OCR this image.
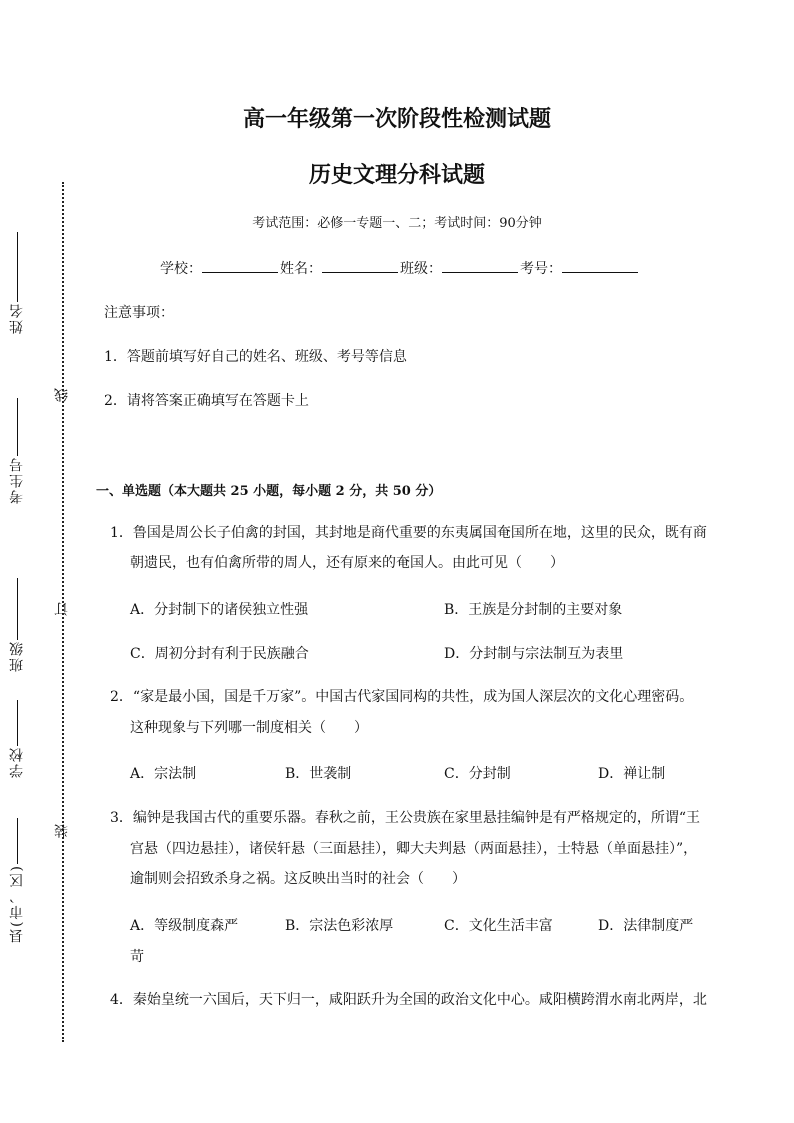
姓名
考生号
班级
学校
县(市、区)
线
订
装
高一年级第一次阶段性检测试题
历史文理分科试题
考试范围：必修一专题一、二；考试时间：90分钟
学校：	姓名：	班级：	考号：
注意事项：
1．答题前填写好自己的姓名、班级、考号等信息
2．请将答案正确填写在答题卡上
一、单选题（本大题共 25 小题，每小题 2 分，共 50 分）
1．鲁国是周公长子伯禽的封国，其封地是商代重要的东夷属国奄国所在地，这里的民众，既有商
朝遗民，也有伯禽所带的周人，还有原来的奄国人。由此可见（　　）
A．分封制下的诸侯独立性强	B．王族是分封制的主要对象
C．周初分封有利于民族融合	D．分封制与宗法制互为表里
2．“家是最小国，国是千万家”。中国古代家国同构的共性，成为国人深层次的文化心理密码。
这种现象与下列哪一制度相关（　　）
A．宗法制	B．世袭制	C．分封制	D．禅让制
3．编钟是我国古代的重要乐器。春秋之前，王公贵族在家里悬挂编钟是有严格规定的，所谓“王
宫悬（四边悬挂），诸侯轩悬（三面悬挂），卿大夫判悬（两面悬挂），士特悬（单面悬挂）”，
逾制则会招致杀身之祸。这反映出当时的社会（　　）
A．等级制度森严	B．宗法色彩浓厚	C．文化生活丰富	D．法律制度严
苛
4．秦始皇统一六国后，天下归一，咸阳跃升为全国的政治文化中心。咸阳横跨渭水南北两岸，北
